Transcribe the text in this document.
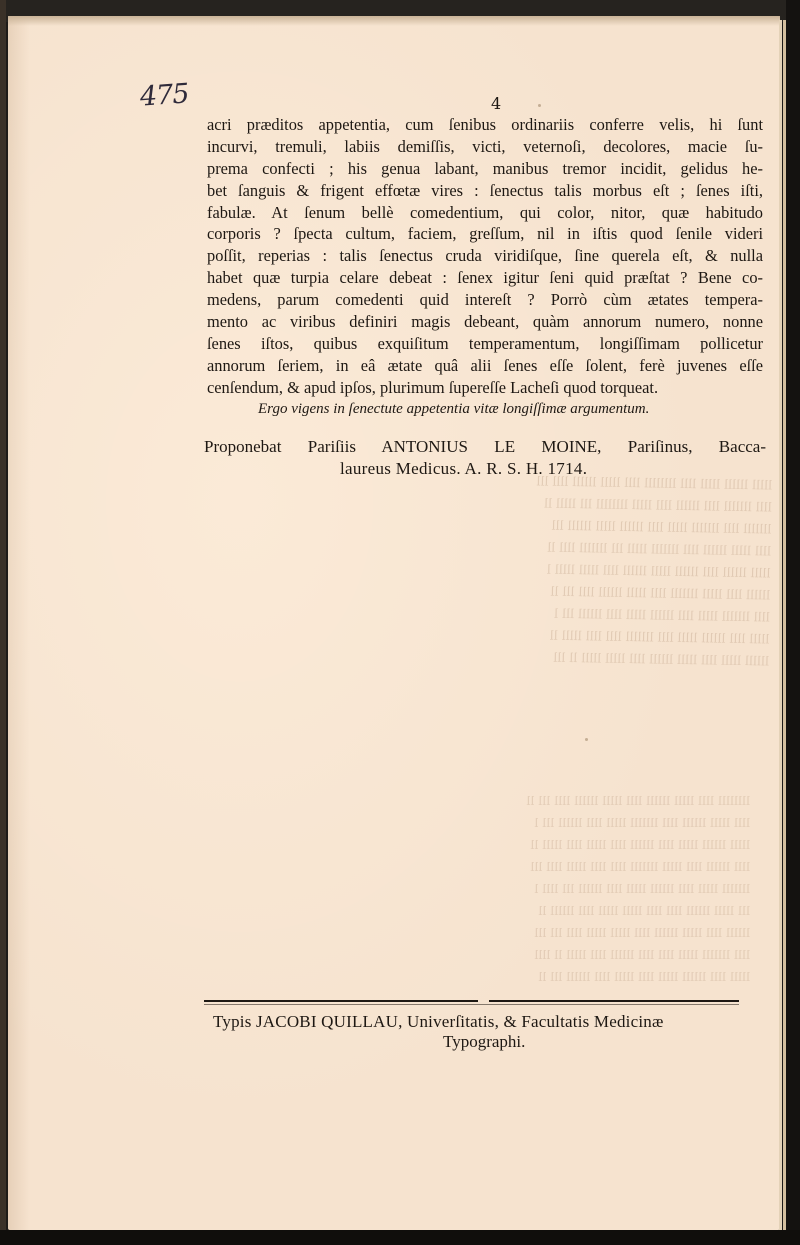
lllll llllll lllll llll llllllll llll lllll llllll llll lll
llll lllllll llll llllll llll lllll llllllll lll lllll ll
lllllll llll lllllll lllll llll llllll lllll llllll lll
llll lllll llllll llll lllllll lllll lll lllllll llll ll
lllll llllll llll llllll lllll llllll llll lllll lllll l
llllll llll lllll lllllll llll lllll llllll llll lll ll
llll lllllll lllll llll llllll lllll llll llllll lll l
lllll llll llllll lllll llll lllllll llll llll lllll ll
llllll lllll llll lllll llllll llll lllll lllll ll lll
llllllll llll lllll llllll llll lllll llllll llll lll ll
llll lllll llllll llll lllllll lllll llll llllll lll l
lllll llllll lllll llll llllll llll lllll llll lllll ll
llll llllll llll lllll lllllll llll llll lllll llll lll
lllllll lllll llll llllll lllll llll llllll lll llll l
lll lllll llllll llll llll lllll lllll llll llllll ll
llllll llll lllll llllll llll lllll lllll llll lll lll
llll lllllll lllll llll llll llllll llll lllll ll llll
lllll llll llllll lllll llll lllll llll llllll lll ll
475	4
acri præditos appetentia, cum ſenibus ordinariis conferre velis, hi ſunt
incurvi, tremuli, labiis demiſſis, victi, veternoſi, decolores, macie ſu-
prema confecti ; his genua labant, manibus tremor incidit, gelidus he-
bet ſanguis & frigent effœtæ vires : ſenectus talis morbus eſt ; ſenes iſti,
fabulæ. At ſenum bellè comedentium, qui color, nitor, quæ habitudo
corporis ? ſpecta cultum, faciem, greſſum, nil in iſtis quod ſenile videri
poſſit, reperias : talis ſenectus cruda viridiſque, ſine querela eſt, & nulla
habet quæ turpia celare debeat : ſenex igitur ſeni quid præſtat ? Bene co-
medens, parum comedenti quid intereſt ? Porrò cùm ætates tempera-
mento ac viribus definiri magis debeant, quàm annorum numero, nonne
ſenes iſtos, quibus exquiſitum temperamentum, longiſſimam pollicetur
annorum ſeriem, in eâ ætate quâ alii ſenes eſſe ſolent, ferè juvenes eſſe
cenſendum, & apud ipſos, plurimum ſupereſſe Lacheſi quod torqueat.
Ergo vigens in ſenectute appetentia vitæ longiſſimæ argumentum.
Proponebat Pariſiis ANTONIUS LE MOINE, Pariſinus, Bacca-
laureus Medicus. A. R. S. H. 1714.
Typis JACOBI QUILLAU, Univerſitatis, & Facultatis Medicinæ
Typographi.
